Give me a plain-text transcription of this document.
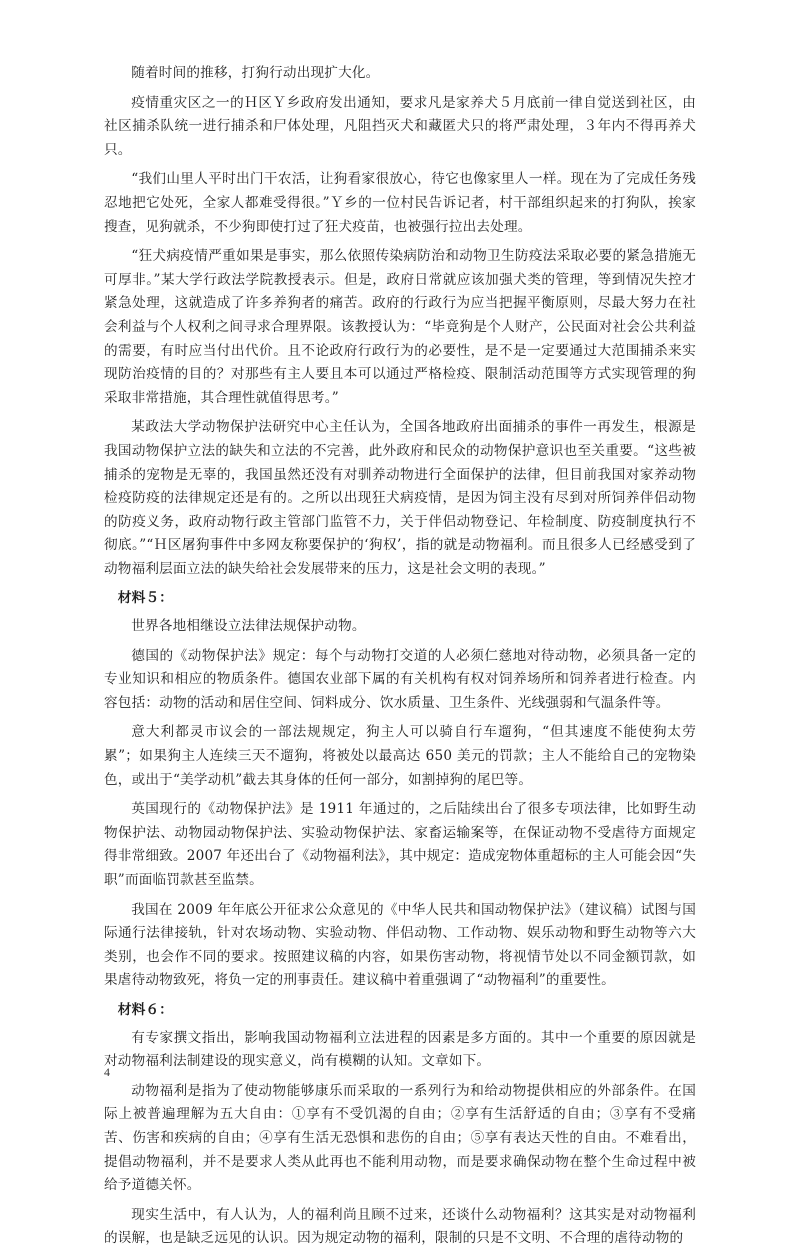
随着时间的推移，打狗行动出现扩大化。

疫情重灾区之一的Ｈ区Ｙ乡政府发出通知，要求凡是家养犬５月底前一律自觉送到社区，由社区捕杀队统一进行捕杀和尸体处理，凡阻挡灭犬和藏匿犬只的将严肃处理，３年内不得再养犬只。

“我们山里人平时出门干农活，让狗看家很放心，待它也像家里人一样。现在为了完成任务残忍地把它处死，全家人都难受得很。”Ｙ乡的一位村民告诉记者，村干部组织起来的打狗队，挨家搜查，见狗就杀，不少狗即使打过了狂犬疫苗，也被强行拉出去处理。

“狂犬病疫情严重如果是事实，那么依照传染病防治和动物卫生防疫法采取必要的紧急措施无可厚非。”某大学行政法学院教授表示。但是，政府日常就应该加强犬类的管理，等到情况失控才紧急处理，这就造成了许多养狗者的痛苦。政府的行政行为应当把握平衡原则，尽最大努力在社会利益与个人权利之间寻求合理界限。该教授认为：“毕竟狗是个人财产，公民面对社会公共利益的需要，有时应当付出代价。且不论政府行政行为的必要性，是不是一定要通过大范围捕杀来实现防治疫情的目的？对那些有主人要且本可以通过严格检疫、限制活动范围等方式实现管理的狗采取非常措施，其合理性就值得思考。”

某政法大学动物保护法研究中心主任认为，全国各地政府出面捕杀的事件一再发生，根源是我国动物保护立法的缺失和立法的不完善，此外政府和民众的动物保护意识也至关重要。“这些被捕杀的宠物是无辜的，我国虽然还没有对驯养动物进行全面保护的法律，但目前我国对家养动物检疫防疫的法律规定还是有的。之所以出现狂犬病疫情，是因为饲主没有尽到对所饲养伴侣动物的防疫义务，政府动物行政主管部门监管不力，关于伴侣动物登记、年检制度、防疫制度执行不彻底。”“Ｈ区屠狗事件中多网友称要保护的‘狗权’，指的就是动物福利。而且很多人已经感受到了动物福利层面立法的缺失给社会发展带来的压力，这是社会文明的表现。”

材料５：

世界各地相继设立法律法规保护动物。

德国的《动物保护法》规定：每个与动物打交道的人必须仁慈地对待动物，必须具备一定的专业知识和相应的物质条件。德国农业部下属的有关机构有权对饲养场所和饲养者进行检查。内容包括：动物的活动和居住空间、饲料成分、饮水质量、卫生条件、光线强弱和气温条件等。

意大利都灵市议会的一部法规规定，狗主人可以骑自行车遛狗，“但其速度不能使狗太劳累”；如果狗主人连续三天不遛狗，将被处以最高达 650 美元的罚款；主人不能给自己的宠物染色，或出于“美学动机”截去其身体的任何一部分，如割掉狗的尾巴等。

英国现行的《动物保护法》是 1911 年通过的，之后陆续出台了很多专项法律，比如野生动物保护法、动物园动物保护法、实验动物保护法、家畜运输案等，在保证动物不受虐待方面规定得非常细致。2007 年还出台了《动物福利法》，其中规定：造成宠物体重超标的主人可能会因“失职”而面临罚款甚至监禁。

我国在 2009 年年底公开征求公众意见的《中华人民共和国动物保护法》（建议稿）试图与国际通行法律接轨，针对农场动物、实验动物、伴侣动物、工作动物、娱乐动物和野生动物等六大类别，也会作不同的要求。按照建议稿的内容，如果伤害动物，将视情节处以不同金额罚款，如果虐待动物致死，将负一定的刑事责任。建议稿中着重强调了“动物福利”的重要性。

材料６：

有专家撰文指出，影响我国动物福利立法进程的因素是多方面的。其中一个重要的原因就是对动物福利法制建设的现实意义，尚有模糊的认知。文章如下。

动物福利是指为了使动物能够康乐而采取的一系列行为和给动物提供相应的外部条件。在国际上被普遍理解为五大自由：①享有不受饥渴的自由；②享有生活舒适的自由；③享有不受痛苦、伤害和疾病的自由；④享有生活无恐惧和悲伤的自由；⑤享有表达天性的自由。不难看出，提倡动物福利，并不是要求人类从此再也不能利用动物，而是要求确保动物在整个生命过程中被给予道德关怀。

现实生活中，有人认为，人的福利尚且顾不过来，还谈什么动物福利？这其实是对动物福利的误解，也是缺乏远见的认识。因为规定动物的福利，限制的只是不文明、不合理的虐待动物的

4
